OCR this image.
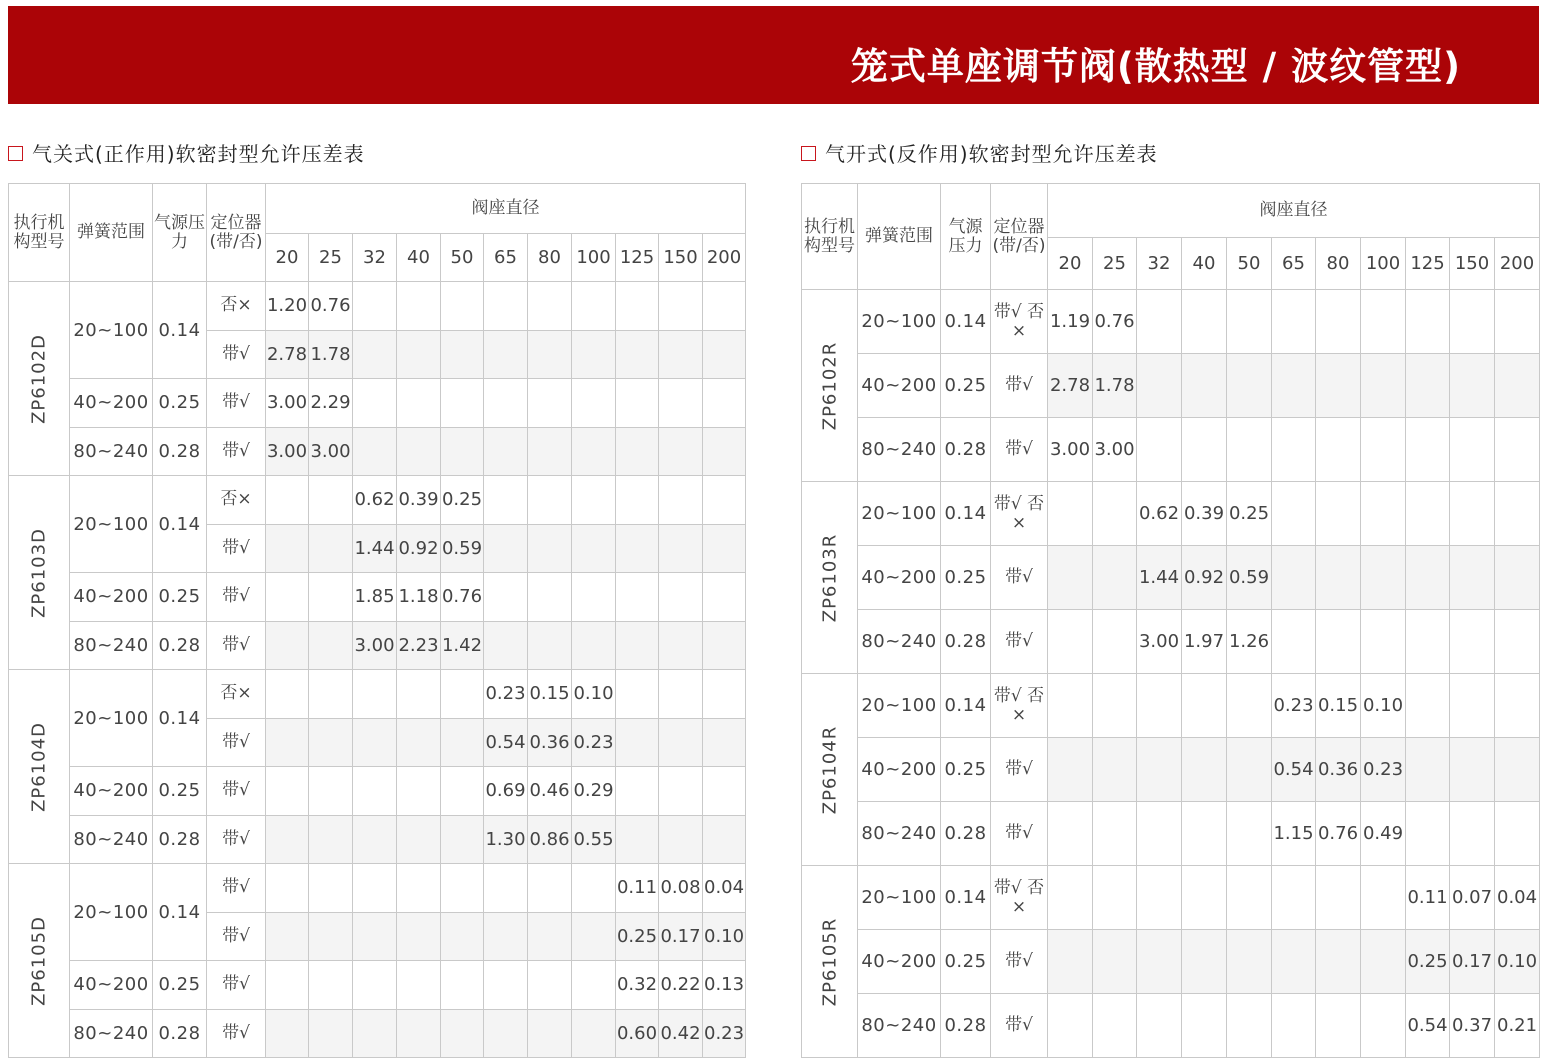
笼式单座调节阀(散热型 / 波纹管型)
气关式(正作用)软密封型允许压差表	气开式(反作用)软密封型允许压差表
执行机构型号	弹簧范围	气源压力	定位器(带/否)	阀座直径										
				20	25	32	40	50	65	80	100	125	150	200

ZP6102D	20~100	0.14	否×	1.20	0.76									
			带√	2.78	1.78									
	40~200	0.25	带√	3.00	2.29									
	80~240	0.28	带√	3.00	3.00									

ZP6103D	20~100	0.14	否×			0.62	0.39	0.25						
			带√			1.44	0.92	0.59						
	40~200	0.25	带√			1.85	1.18	0.76						
	80~240	0.28	带√			3.00	2.23	1.42						

ZP6104D	20~100	0.14	否×						0.23	0.15	0.10			
			带√						0.54	0.36	0.23			
	40~200	0.25	带√						0.69	0.46	0.29			
	80~240	0.28	带√						1.30	0.86	0.55			

ZP6105D	20~100	0.14	带√									0.11	0.08	0.04
			带√									0.25	0.17	0.10
	40~200	0.25	带√									0.32	0.22	0.13
	80~240	0.28	带√									0.60	0.42	0.23
执行机构型号	弹簧范围	气源压力	定位器(带/否)	阀座直径										
				20	25	32	40	50	65	80	100	125	150	200

ZP6102R	20~100	0.14	带√ 否×	1.19	0.76									
	40~200	0.25	带√	2.78	1.78									
	80~240	0.28	带√	3.00	3.00									

ZP6103R	20~100	0.14	带√ 否×			0.62	0.39	0.25						
	40~200	0.25	带√			1.44	0.92	0.59						
	80~240	0.28	带√			3.00	1.97	1.26						

ZP6104R	20~100	0.14	带√ 否×						0.23	0.15	0.10			
	40~200	0.25	带√						0.54	0.36	0.23			
	80~240	0.28	带√						1.15	0.76	0.49			

ZP6105R	20~100	0.14	带√ 否×									0.11	0.07	0.04
	40~200	0.25	带√									0.25	0.17	0.10
	80~240	0.28	带√									0.54	0.37	0.21
